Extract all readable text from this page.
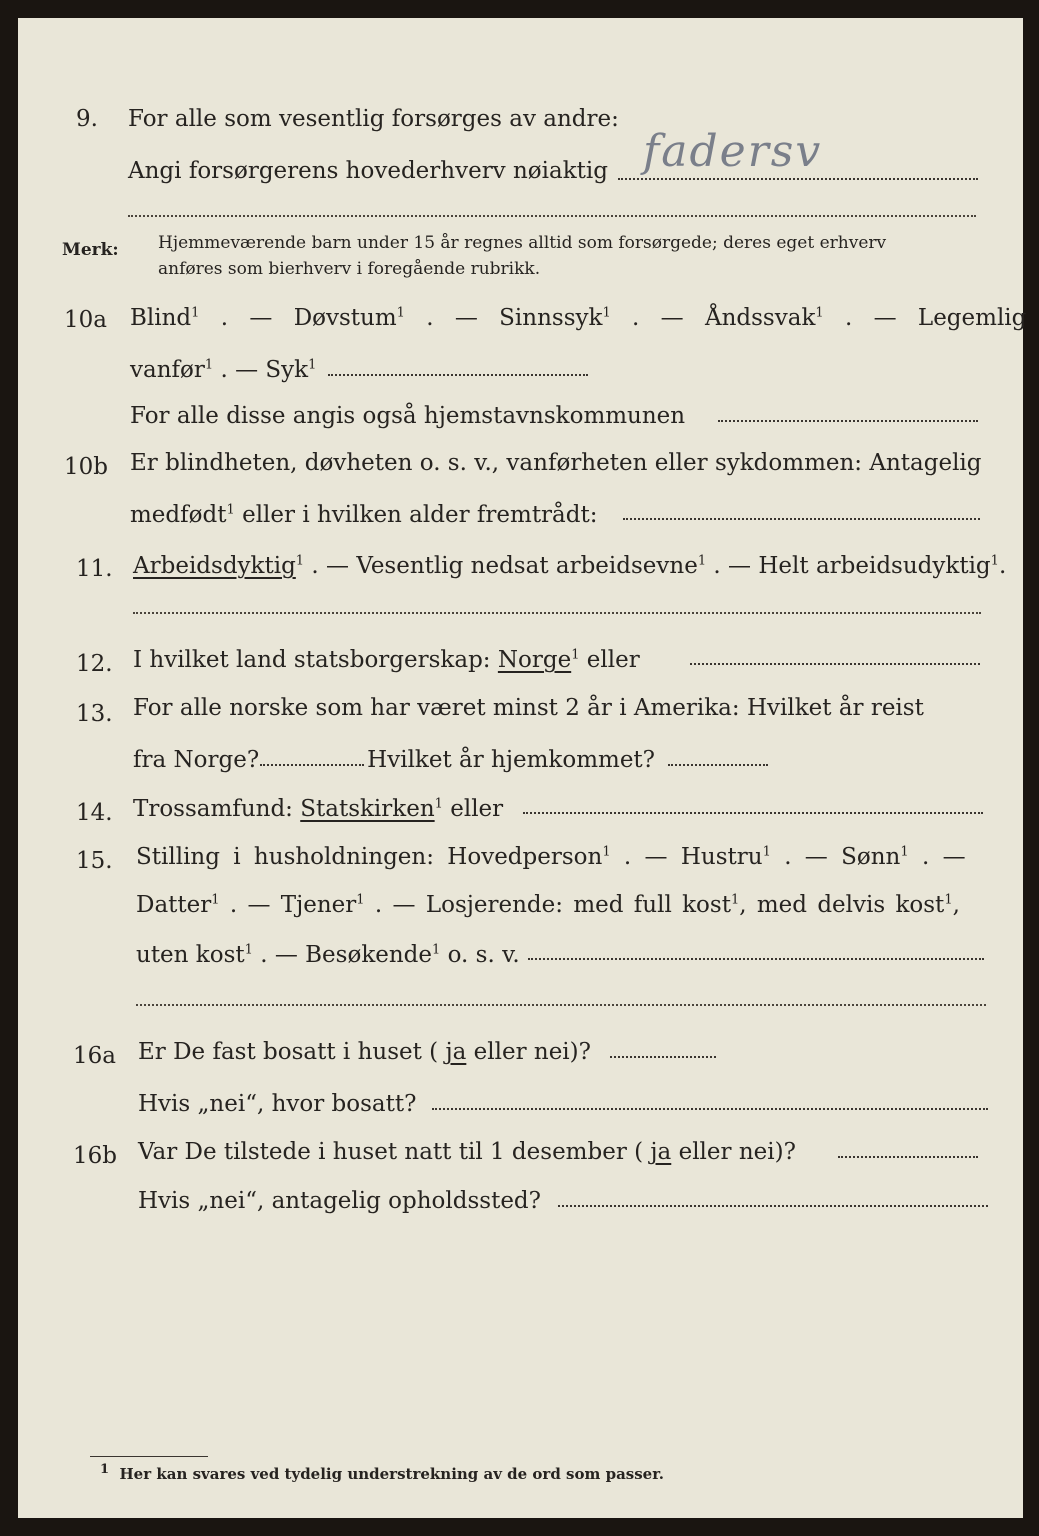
9. For alle som vesentlig forsørges av andre:
Angi forsørgerens hovederhverv nøiaktig fadersv
Merk: Hjemmeværende barn under 15 år regnes alltid som forsørgede; deres eget erhverv
anføres som bierhverv i foregående rubrikk.
10a Blind$^1$ . — Døvstum$^1$ . — Sinnssyk$^1$ . — Åndssvak$^1$ . — Legemlig
vanfør$^1$ . — Syk$^1$
For alle disse angis også hjemstavnskommunen
10b Er blindheten, døvheten o. s. v., vanførheten eller sykdommen: Antagelig
medfødt$^1$ eller i hvilken alder fremtrådt:
11. Arbeidsdyktig$^1$ . — Vesentlig nedsat arbeidsevne$^1$ . — Helt arbeidsudyktig$^1$.
12. I hvilket land statsborgerskap: Norge$^1$ eller
13. For alle norske som har været minst 2 år i Amerika: Hvilket år reist
fra Norge?	Hvilket år hjemkommet?
14. Trossamfund: Statskirken$^1$ eller
15. Stilling i husholdningen: Hovedperson$^1$ . — Hustru$^1$ . — Sønn$^1$ . —
Datter$^1$ . — Tjener$^1$ . — Losjerende: med full kost$^1$, med delvis kost$^1$,
uten kost$^1$ . — Besøkende$^1$ o. s. v.
16a Er De fast bosatt i huset ( ja eller nei)?
Hvis „nei“, hvor bosatt?
16b Var De tilstede i huset natt til 1 desember ( ja eller nei)?
Hvis „nei“, antagelig opholdssted?
$^1$ Her kan svares ved tydelig understrekning av de ord som passer.
